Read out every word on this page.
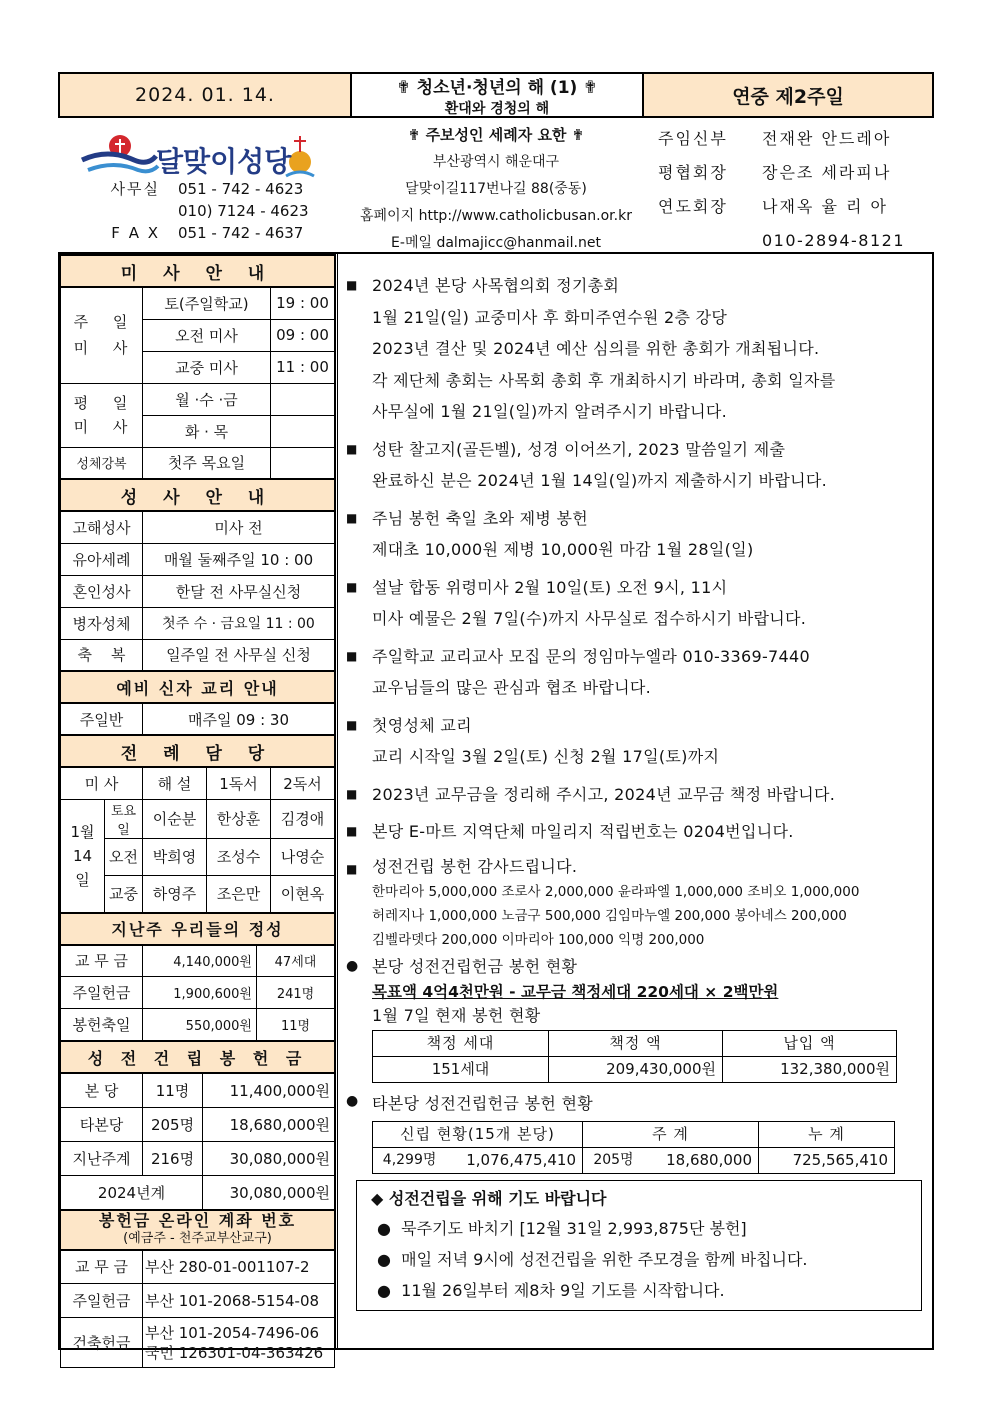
2024. 01. 14.	✟ 청소년·청년의 해 (1) ✟
환대와 경청의 해
연중 제2주일
달맞이성당
사무실 051 - 742 - 4623
010) 7124 - 4623
F A X 051 - 742 - 4637
✟ 주보성인 세례자 요한 ✟
부산광역시 해운대구
달맞이길117번나길 88(중동)
홈페이지 http://www.catholicbusan.or.kr
E-메일 dalmajicc@hanmail.net
주임신부	전재완 안드레아
평협회장	장은조 세라피나
연도회장	나재옥 율 리 아
010-2894-8121
미 사 안 내			
주 일 미 사	토(주일학교)		19 : 00
	오전 미사		09 : 00
	교중 미사		11 : 00
평 일 미 사	월 ·수 ·금		
	화 · 목		
성체강복	첫주 목요일		
성 사 안 내			
고해성사	미사 전		
유아세례	매월 둘째주일 10 : 00		
혼인성사	한달 전 사무실신청		
병자성체	첫주 수 · 금요일 11 : 00		
축    복	일주일 전 사무실 신청		
예비 신자 교리 안내			
주일반	매주일 09 : 30		
전 례 담 당			
미 사	해 설	1독서	2독서
1월 14일	토요일	이순분	한상훈	김경애
	오전	박희영	조성수	나영순
	교중	하영주	조은만	이현옥
지난주 우리들의 정성		
교 무 금	4,140,000원	47세대
주일헌금	1,900,600원	241명
봉헌축일	550,000원	11명
성 전 건 립 봉 헌 금		
본 당	11명	11,400,000원
타본당	205명	18,680,000원
지난주계	216명	30,080,000원
2024년계		30,080,000원
봉헌금 온라인 계좌 번호
(예금주 - 천주교부산교구)	

교 무 금	부산 280-01-001107-2
주일헌금	부산 101-2068-5154-08
건축헌금	부산 101-2054-7496-06
국민 126301-04-363426
■ 2024년 본당 사목협의회 정기총회
1월 21일(일) 교중미사 후 화미주연수원 2층 강당
2023년 결산 및 2024년 예산 심의를 위한 총회가 개최됩니다.
각 제단체 총회는 사목회 총회 후 개최하시기 바라며, 총회 일자를
사무실에 1월 21일(일)까지 알려주시기 바랍니다.
■ 성탄 찰고지(골든벨), 성경 이어쓰기, 2023 말씀일기 제출
완료하신 분은 2024년 1월 14일(일)까지 제출하시기 바랍니다.
■ 주님 봉헌 축일 초와 제병 봉헌
제대초 10,000원 제병 10,000원 마감 1월 28일(일)
■ 설날 합동 위령미사 2월 10일(토) 오전 9시, 11시
미사 예물은 2월 7일(수)까지 사무실로 접수하시기 바랍니다.
■ 주일학교 교리교사 모집 문의 정임마누엘라 010-3369-7440
교우님들의 많은 관심과 협조 바랍니다.
■ 첫영성체 교리
교리 시작일 3월 2일(토) 신청 2월 17일(토)까지
■ 2023년 교무금을 정리해 주시고, 2024년 교무금 책정 바랍니다.
■ 본당 E-마트 지역단체 마일리지 적립번호는 0204번입니다.
■ 성전건립 봉헌 감사드립니다.
한마리아 5,000,000 조로사 2,000,000 윤라파엘 1,000,000 조비오 1,000,000
허레지나 1,000,000 노금구 500,000 김임마누엘 200,000 봉아네스 200,000
김벨라뎃다 200,000 이마리아 100,000 익명 200,000
● 본당 성전건립헌금 봉헌 현황
목표액 4억4천만원 - 교무금 책정세대 220세대 × 2백만원
1월 7일 현재 봉헌 현황
책정 세대	책정 액	납입 액
151세대	209,430,000원	132,380,000원
● 타본당 성전건립헌금 봉헌 현황
신립 현황(15개 본당)		주 계		누 계
4,299명	1,076,475,410	205명	18,680,000	725,565,410
◆ 성전건립을 위해 기도 바랍니다
●  묵주기도 바치기 [12월 31일 2,993,875단 봉헌]
●  매일 저녁 9시에 성전건립을 위한 주모경을 함께 바칩니다.
●  11월 26일부터 제8차 9일 기도를 시작합니다.
